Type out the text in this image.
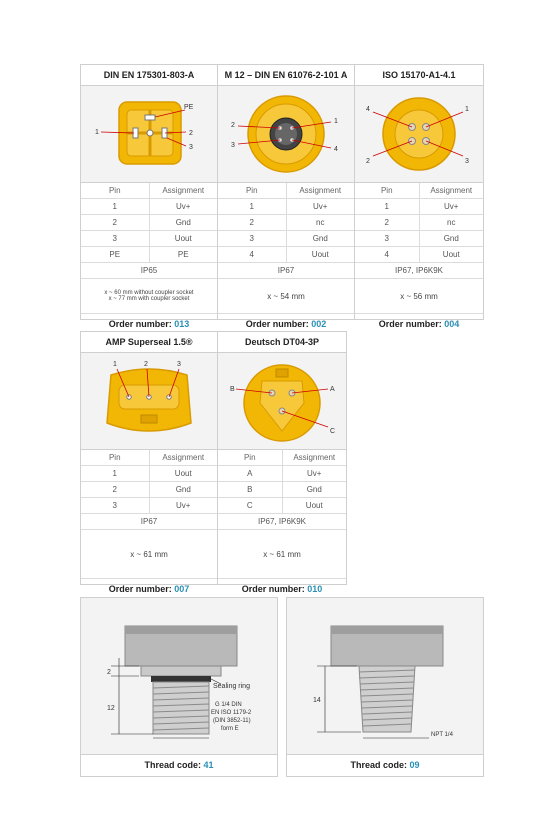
DIN EN 175301-803-A
1	2
3
PE
Pin	Assignment
1	Uv+
2	Gnd
3	Uout
PE	PE
IP65
x ~ 60 mm without coupler socket
x ~ 77 mm with coupler socket
Order number: 013
M 12 – DIN EN 61076-2-101 A
2
1
3
4
Pin	Assignment
1	Uv+
2	nc
3	Gnd
4	Uout
IP67
x ~ 54 mm
Order number: 002
ISO 15170-A1-4.1
4	1
2	3
Pin	Assignment
1	Uv+
2	nc
3	Gnd
4	Uout
IP67, IP6K9K
x ~ 56 mm
Order number: 004
AMP Superseal 1.5®
1	2	3
Pin	Assignment
1	Uout
2	Gnd
3	Uv+
IP67
x ~ 61 mm
Order number: 007
Deutsch DT04-3P
B	A
C
Pin	Assignment
A	Uv+
B	Gnd
C	Uout
IP67, IP6K9K
x ~ 61 mm
Order number: 010
2
12
Sealing ring
G 1/4 DIN
EN ISO 1179-2
(DIN 3852-11)
form E
Thread code: 41
14
NPT 1/4
Thread code: 09
